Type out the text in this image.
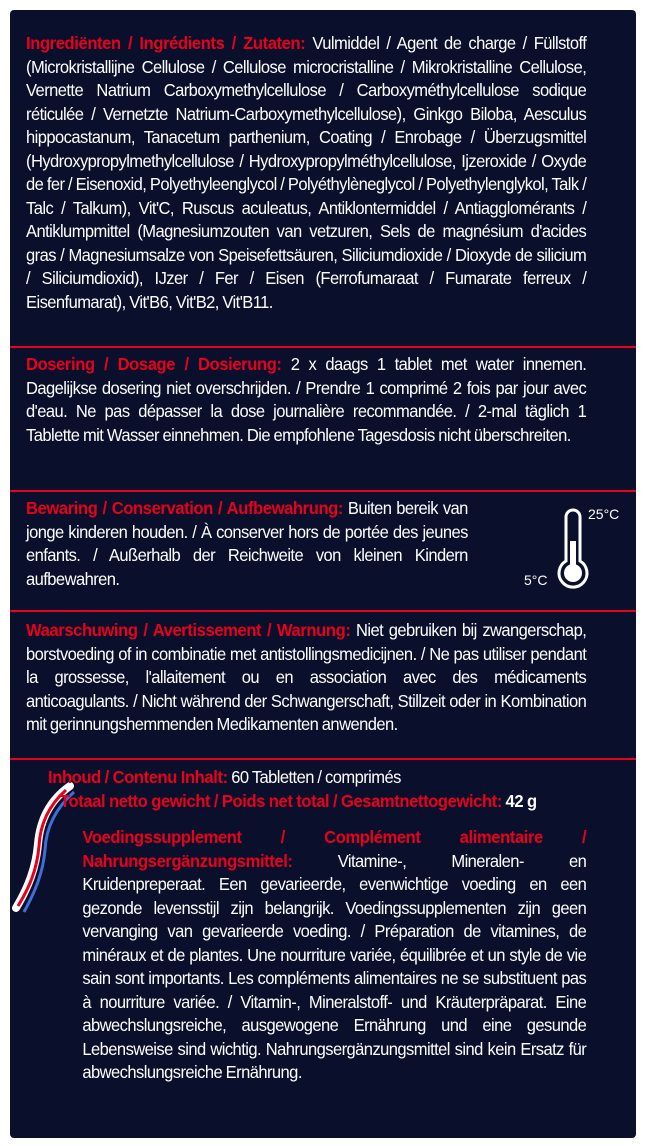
Ingrediënten / Ingrédients / Zutaten: Vulmiddel / Agent de charge / Füllstoff (Microkristallijne Cellulose / Cellulose microcristalline / Mikrokristalline Cellulose, Vernette Natrium Carboxymethylcellulose / Carboxyméthylcellulose sodique réticulée / Vernetzte Natrium-Carboxymethylcellulose), Ginkgo Biloba, Aesculus hippocastanum, Tanacetum parthenium, Coating / Enrobage / Überzugsmittel (Hydroxypropylmethylcellulose / Hydroxypropylméthylcellulose, Ijzeroxide / Oxyde de fer / Eisenoxid, Polyethyleenglycol / Polyéthylèneglycol / Polyethylenglykol, Talk / Talc / Talkum), Vit'C, Ruscus aculeatus, Antiklontermiddel / Antiagglomérants / Antiklumpmittel (Magnesiumzouten van vetzuren, Sels de magnésium d'acides gras / Magnesiumsalze von Speisefettsäuren, Siliciumdioxide / Dioxyde de silicium / Siliciumdioxid), IJzer / Fer / Eisen (Ferrofumaraat / Fumarate ferreux / Eisenfumarat), Vit'B6, Vit'B2, Vit'B11.

Dosering / Dosage / Dosierung: 2 x daags 1 tablet met water innemen. Dagelijkse dosering niet overschrijden. / Prendre 1 comprimé 2 fois par jour avec d'eau. Ne pas dépasser la dose journalière recommandée. / 2-mal täglich 1 Tablette mit Wasser einnehmen. Die empfohlene Tagesdosis nicht überschreiten.

Bewaring / Conservation / Aufbewahrung: Buiten bereik van jonge kinderen houden. / À conserver hors de portée des jeunes enfants. / Außerhalb der Reichweite von kleinen Kindern aufbewahren.

25°C
5°C

Waarschuwing / Avertissement / Warnung: Niet gebruiken bij zwangerschap, borstvoeding of in combinatie met antistollingsmedicijnen. / Ne pas utiliser pendant la grossesse, l'allaitement ou en association avec des médicaments anticoagulants. / Nicht während der Schwangerschaft, Stillzeit oder in Kombination mit gerinnungshemmenden Medikamenten anwenden.

Inhoud / Contenu Inhalt: 60 Tabletten / comprimés

Totaal netto gewicht / Poids net total / Gesamtnettogewicht: 42 g

Voedingssupplement / Complément alimentaire / Nahrungsergänzungsmittel:	Vitamine-, Mineralen- en Kruidenpreperaat. Een gevarieerde, evenwichtige voeding en een gezonde levensstijl zijn belangrijk. Voedingssupplementen zijn geen vervanging van gevarieerde voeding. / Préparation de vitamines, de minéraux et de plantes. Une nourriture variée, équilibrée et un style de vie sain sont importants. Les compléments alimentaires ne se substituent pas à nourriture variée. / Vitamin-, Mineralstoff- und Kräuterpräparat. Eine abwechslungsreiche, ausgewogene Ernährung und eine gesunde Lebensweise sind wichtig. Nahrungsergänzungsmittel sind kein Ersatz für abwechslungsreiche Ernährung.
